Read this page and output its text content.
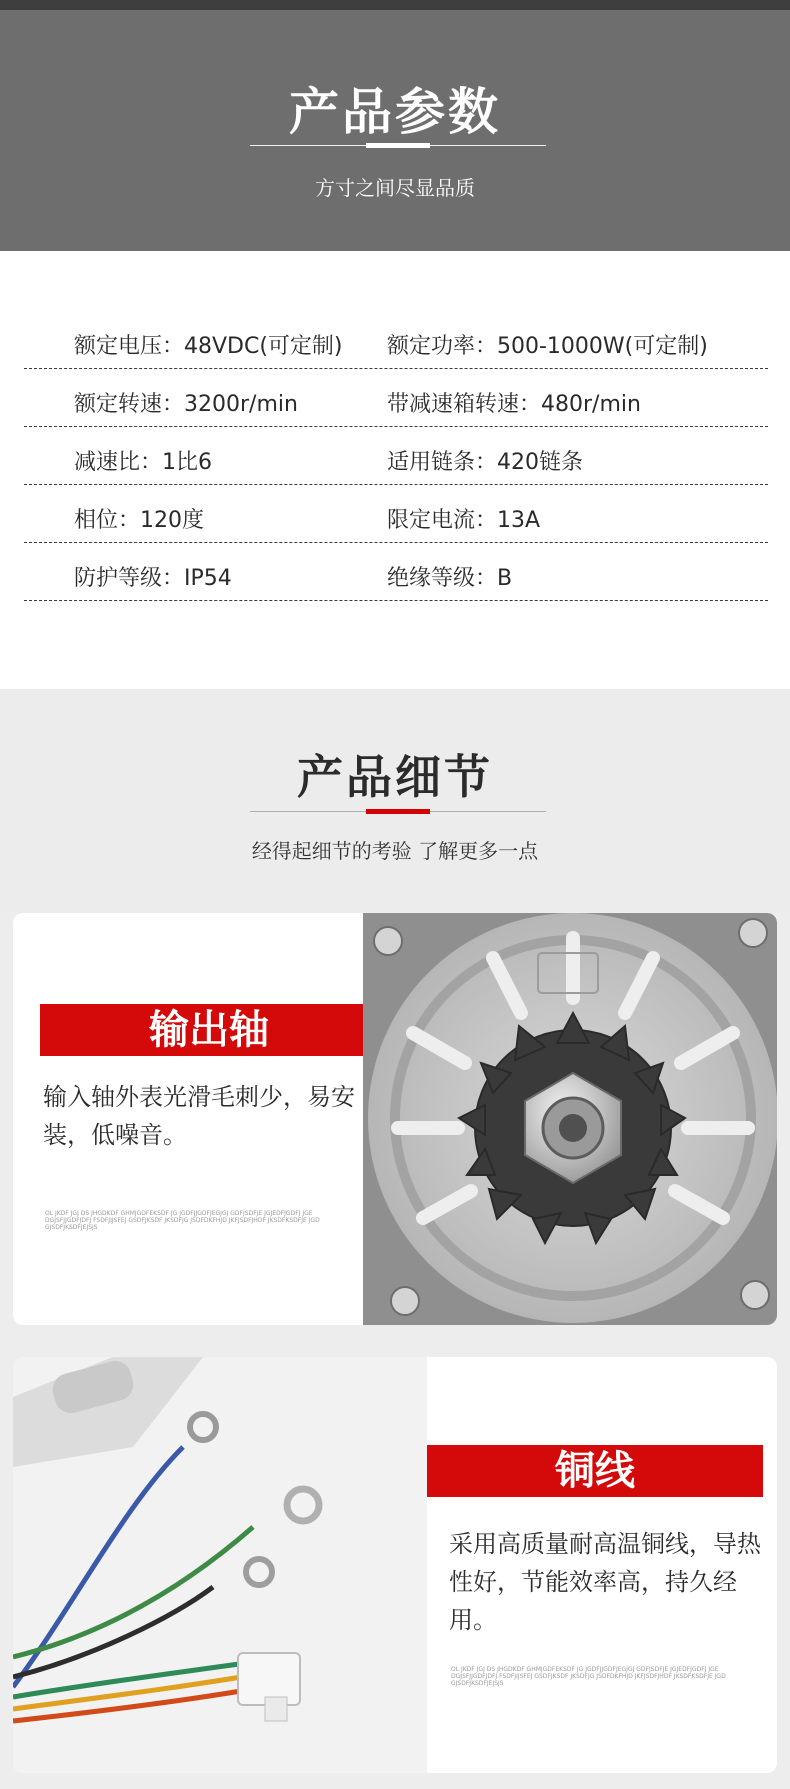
产品参数
方寸之间尽显品质
额定电压：48VDC(可定制) 额定功率：500-1000W(可定制)
额定转速：3200r/min	带减速箱转速：480r/min
减速比：1比6	适用链条：420链条
相位：120度	限定电流：13A
防护等级：IP54	绝缘等级：B
产品细节
经得起细节的考验 了解更多一点
输出轴
输入轴外表光滑毛刺少，易安装，低噪音。
OL JKDF JGJ DS JHGDKDF GHMJGDFEKSDF JG JGDFJJGDFJEGJGJ GDFJSDFJE JGJEDFJGDFJ JGE DGJSFJJGDFJDFJ FSDFJIJSFEJ GSDFJKSDF JKSDFJG JSDFDKFHJD JKFJSDFJHDF JKSDFKSDFJE JGD GJSDFJKSDFJEJSJS
铜线
采用高质量耐高温铜线，导热性好，节能效率高，持久经用。
OL JKDF JGJ DS JHGDKDF GHMJGDFEKSDF JG JGDFJJGDFJEGJGJ GDFJSDFJE JGJEDFJGDFJ JGE DGJSFJJGDFJDFJ FSDFJIJSFEJ GSDFJKSDF JKSDFJG JSDFDKFHJD JKFJSDFJHDF JKSDFKSDFJE JGD GJSDFJKSDFJEJSJS
